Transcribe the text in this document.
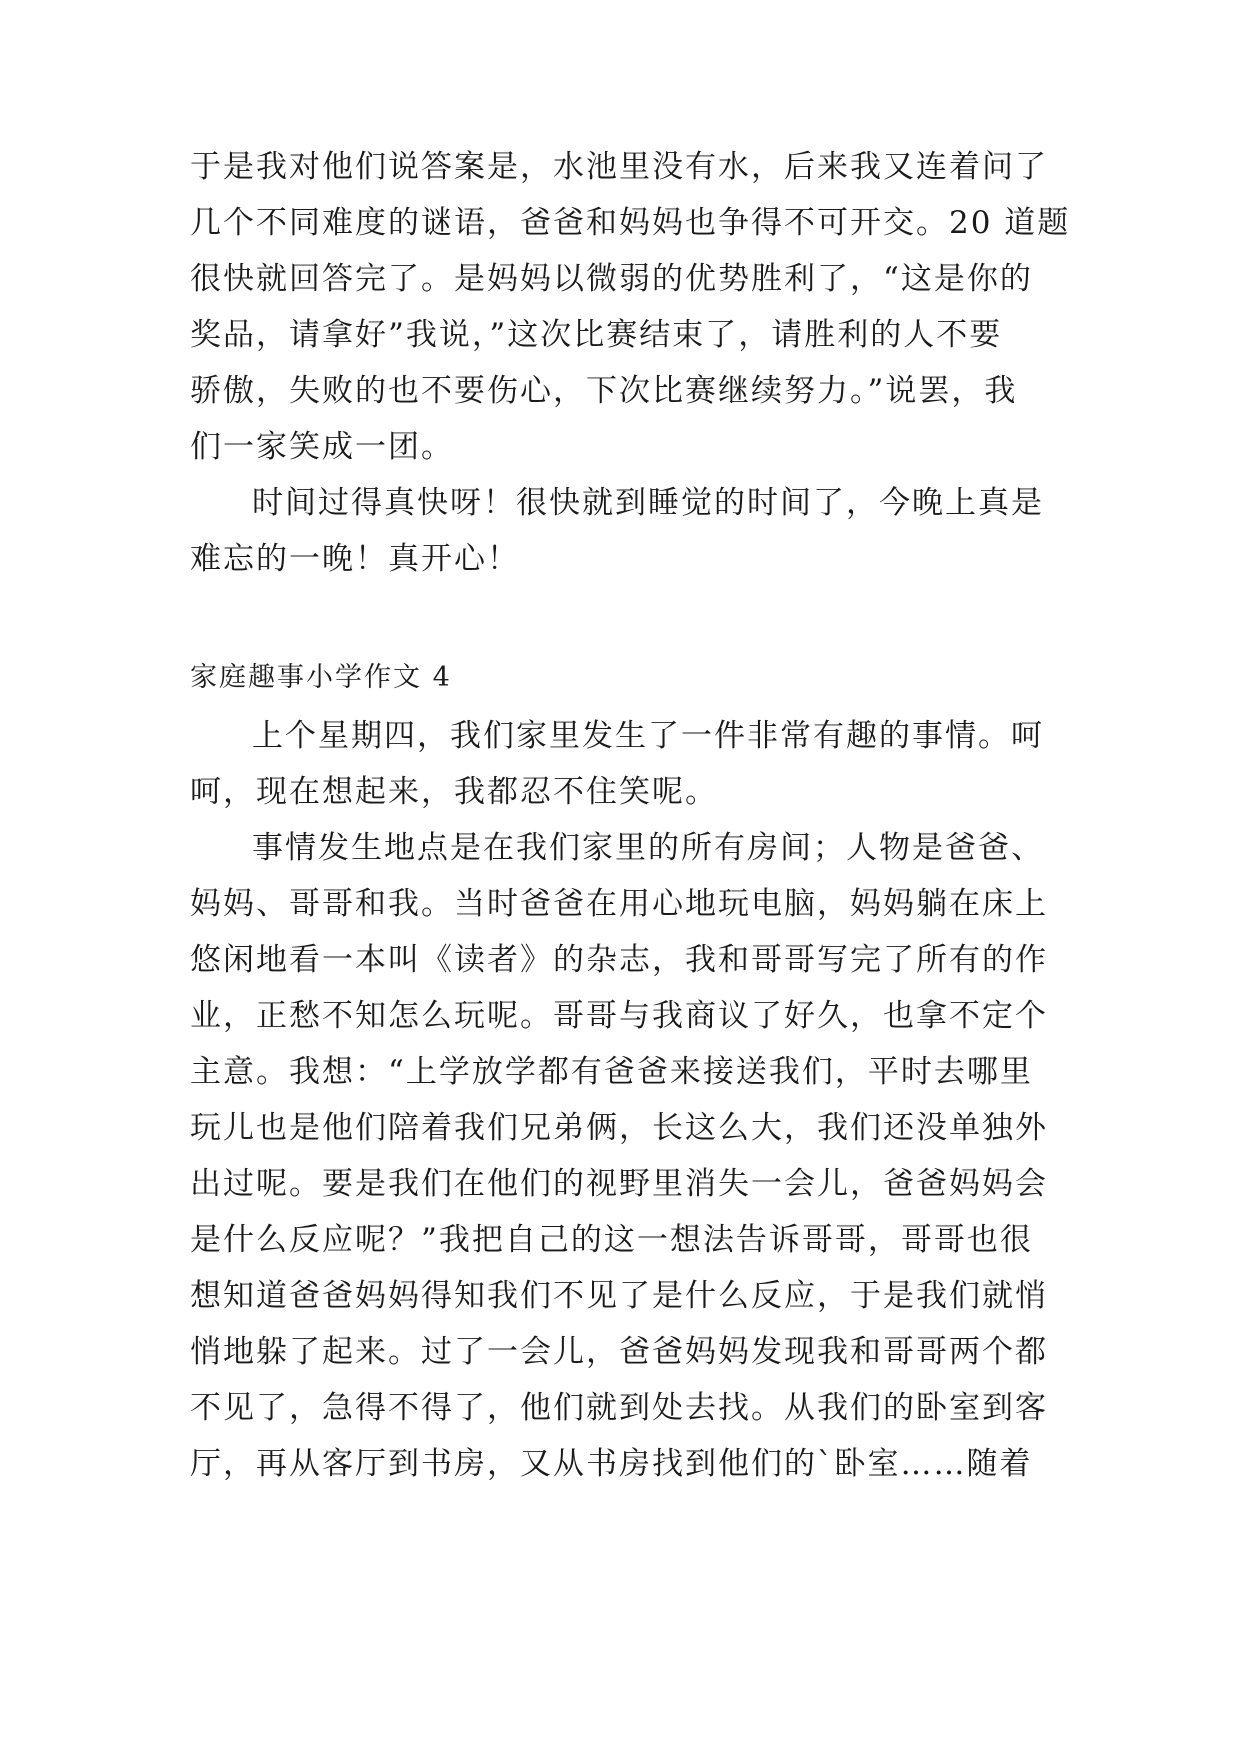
于是我对他们说答案是，水池里没有水，后来我又连着问了
几个不同难度的谜语，爸爸和妈妈也争得不可开交。20 道题
很快就回答完了。是妈妈以微弱的优势胜利了，“这是你的
奖品，请拿好”我说，”这次比赛结束了，请胜利的人不要
骄傲，失败的也不要伤心，下次比赛继续努力。”说罢，我
们一家笑成一团。
时间过得真快呀！很快就到睡觉的时间了，今晚上真是
难忘的一晚！真开心！
家庭趣事小学作文 4
上个星期四，我们家里发生了一件非常有趣的事情。呵
呵，现在想起来，我都忍不住笑呢。
事情发生地点是在我们家里的所有房间；人物是爸爸、
妈妈、哥哥和我。当时爸爸在用心地玩电脑，妈妈躺在床上
悠闲地看一本叫《读者》的杂志，我和哥哥写完了所有的作
业，正愁不知怎么玩呢。哥哥与我商议了好久，也拿不定个
主意。我想：“上学放学都有爸爸来接送我们，平时去哪里
玩儿也是他们陪着我们兄弟俩，长这么大，我们还没单独外
出过呢。要是我们在他们的视野里消失一会儿，爸爸妈妈会
是什么反应呢？”我把自己的这一想法告诉哥哥，哥哥也很
想知道爸爸妈妈得知我们不见了是什么反应，于是我们就悄
悄地躲了起来。过了一会儿，爸爸妈妈发现我和哥哥两个都
不见了，急得不得了，他们就到处去找。从我们的卧室到客
厅，再从客厅到书房，又从书房找到他们的`卧室……随着
